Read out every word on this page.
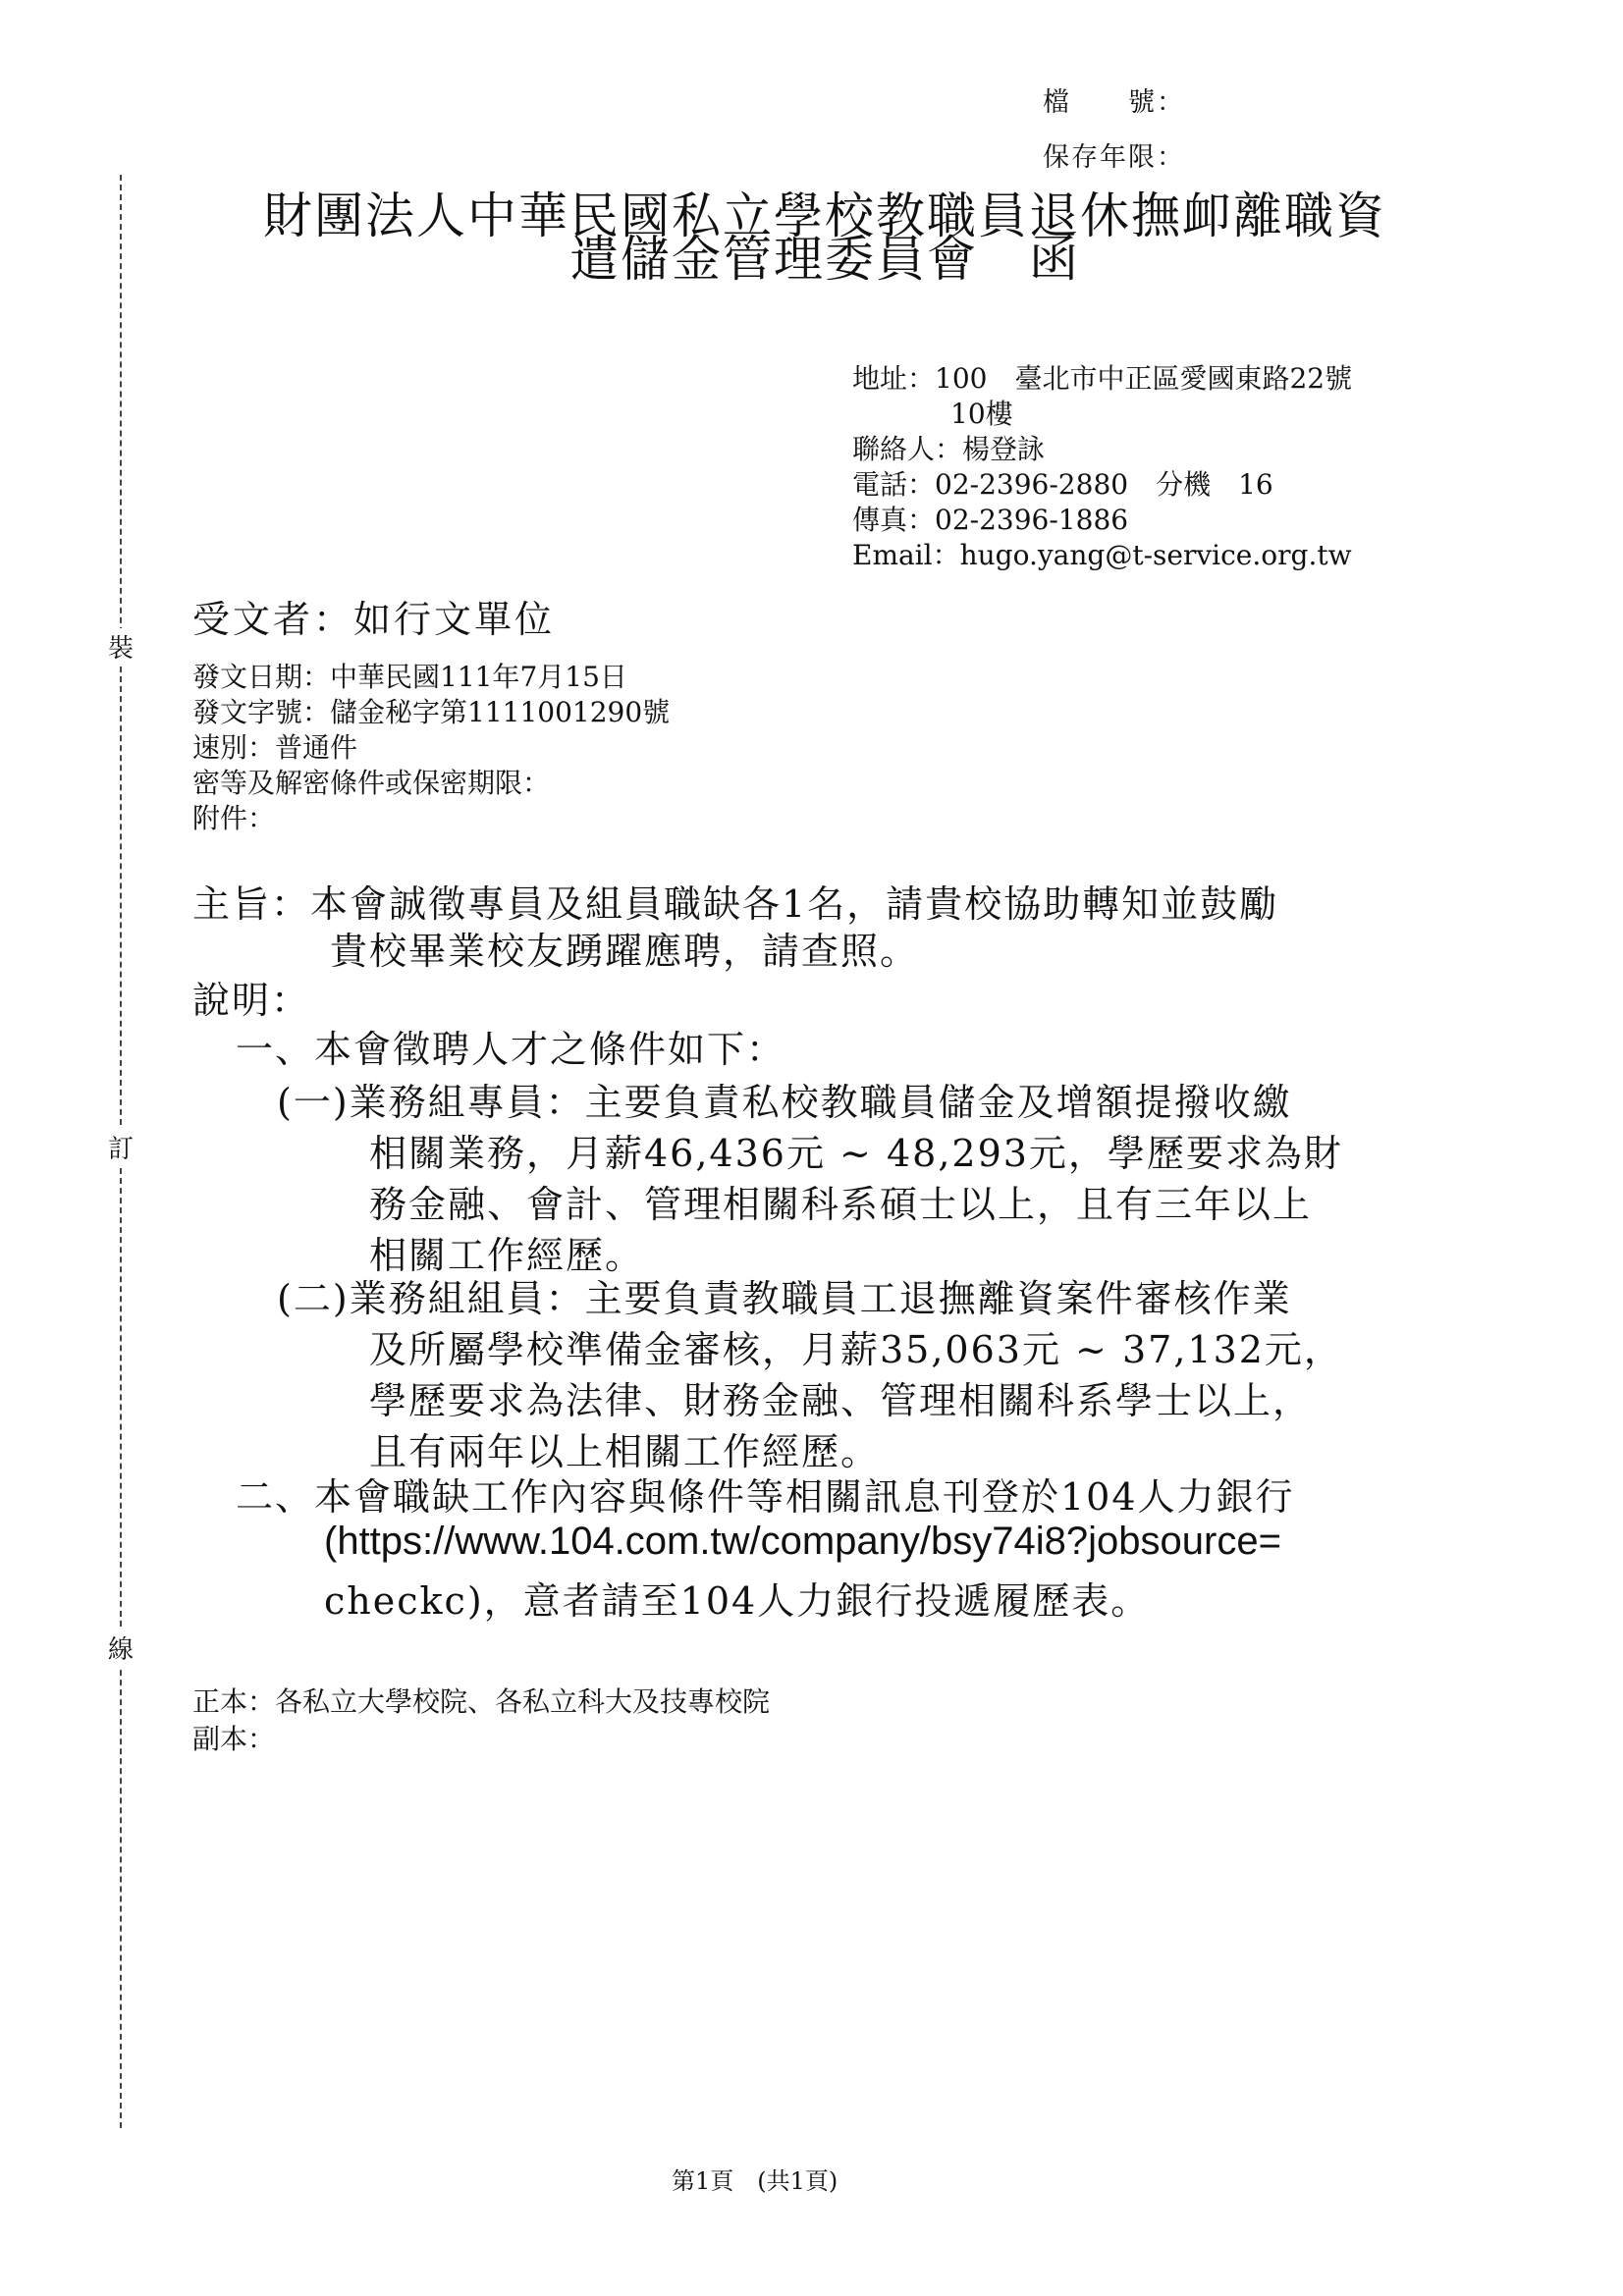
檔　　號：
保存年限：
裝
訂
線
財團法人中華民國私立學校教職員退休撫卹離職資
遣儲金管理委員會　函
地址：100　臺北市中正區愛國東路22號
10樓
聯絡人：楊登詠
電話：02-2396-2880　分機　16
傳真：02-2396-1886
Email：hugo.yang@t-service.org.tw
受文者：如行文單位
發文日期：中華民國111年7月15日
發文字號：儲金秘字第1111001290號
速別：普通件
密等及解密條件或保密期限：
附件：
主旨：本會誠徵專員及組員職缺各1名，請貴校協助轉知並鼓勵
貴校畢業校友踴躍應聘，請查照。
說明：
一、本會徵聘人才之條件如下：
(一)業務組專員：主要負責私校教職員儲金及增額提撥收繳
相關業務，月薪46,436元 ~ 48,293元，學歷要求為財
務金融、會計、管理相關科系碩士以上，且有三年以上
相關工作經歷。
(二)業務組組員：主要負責教職員工退撫離資案件審核作業
及所屬學校準備金審核，月薪35,063元 ~ 37,132元，
學歷要求為法律、財務金融、管理相關科系學士以上，
且有兩年以上相關工作經歷。
二、本會職缺工作內容與條件等相關訊息刊登於104人力銀行
(https://www.104.com.tw/company/bsy74i8?jobsource=
checkc)，意者請至104人力銀行投遞履歷表。
正本：各私立大學校院、各私立科大及技專校院
副本：
第1頁　(共1頁)
